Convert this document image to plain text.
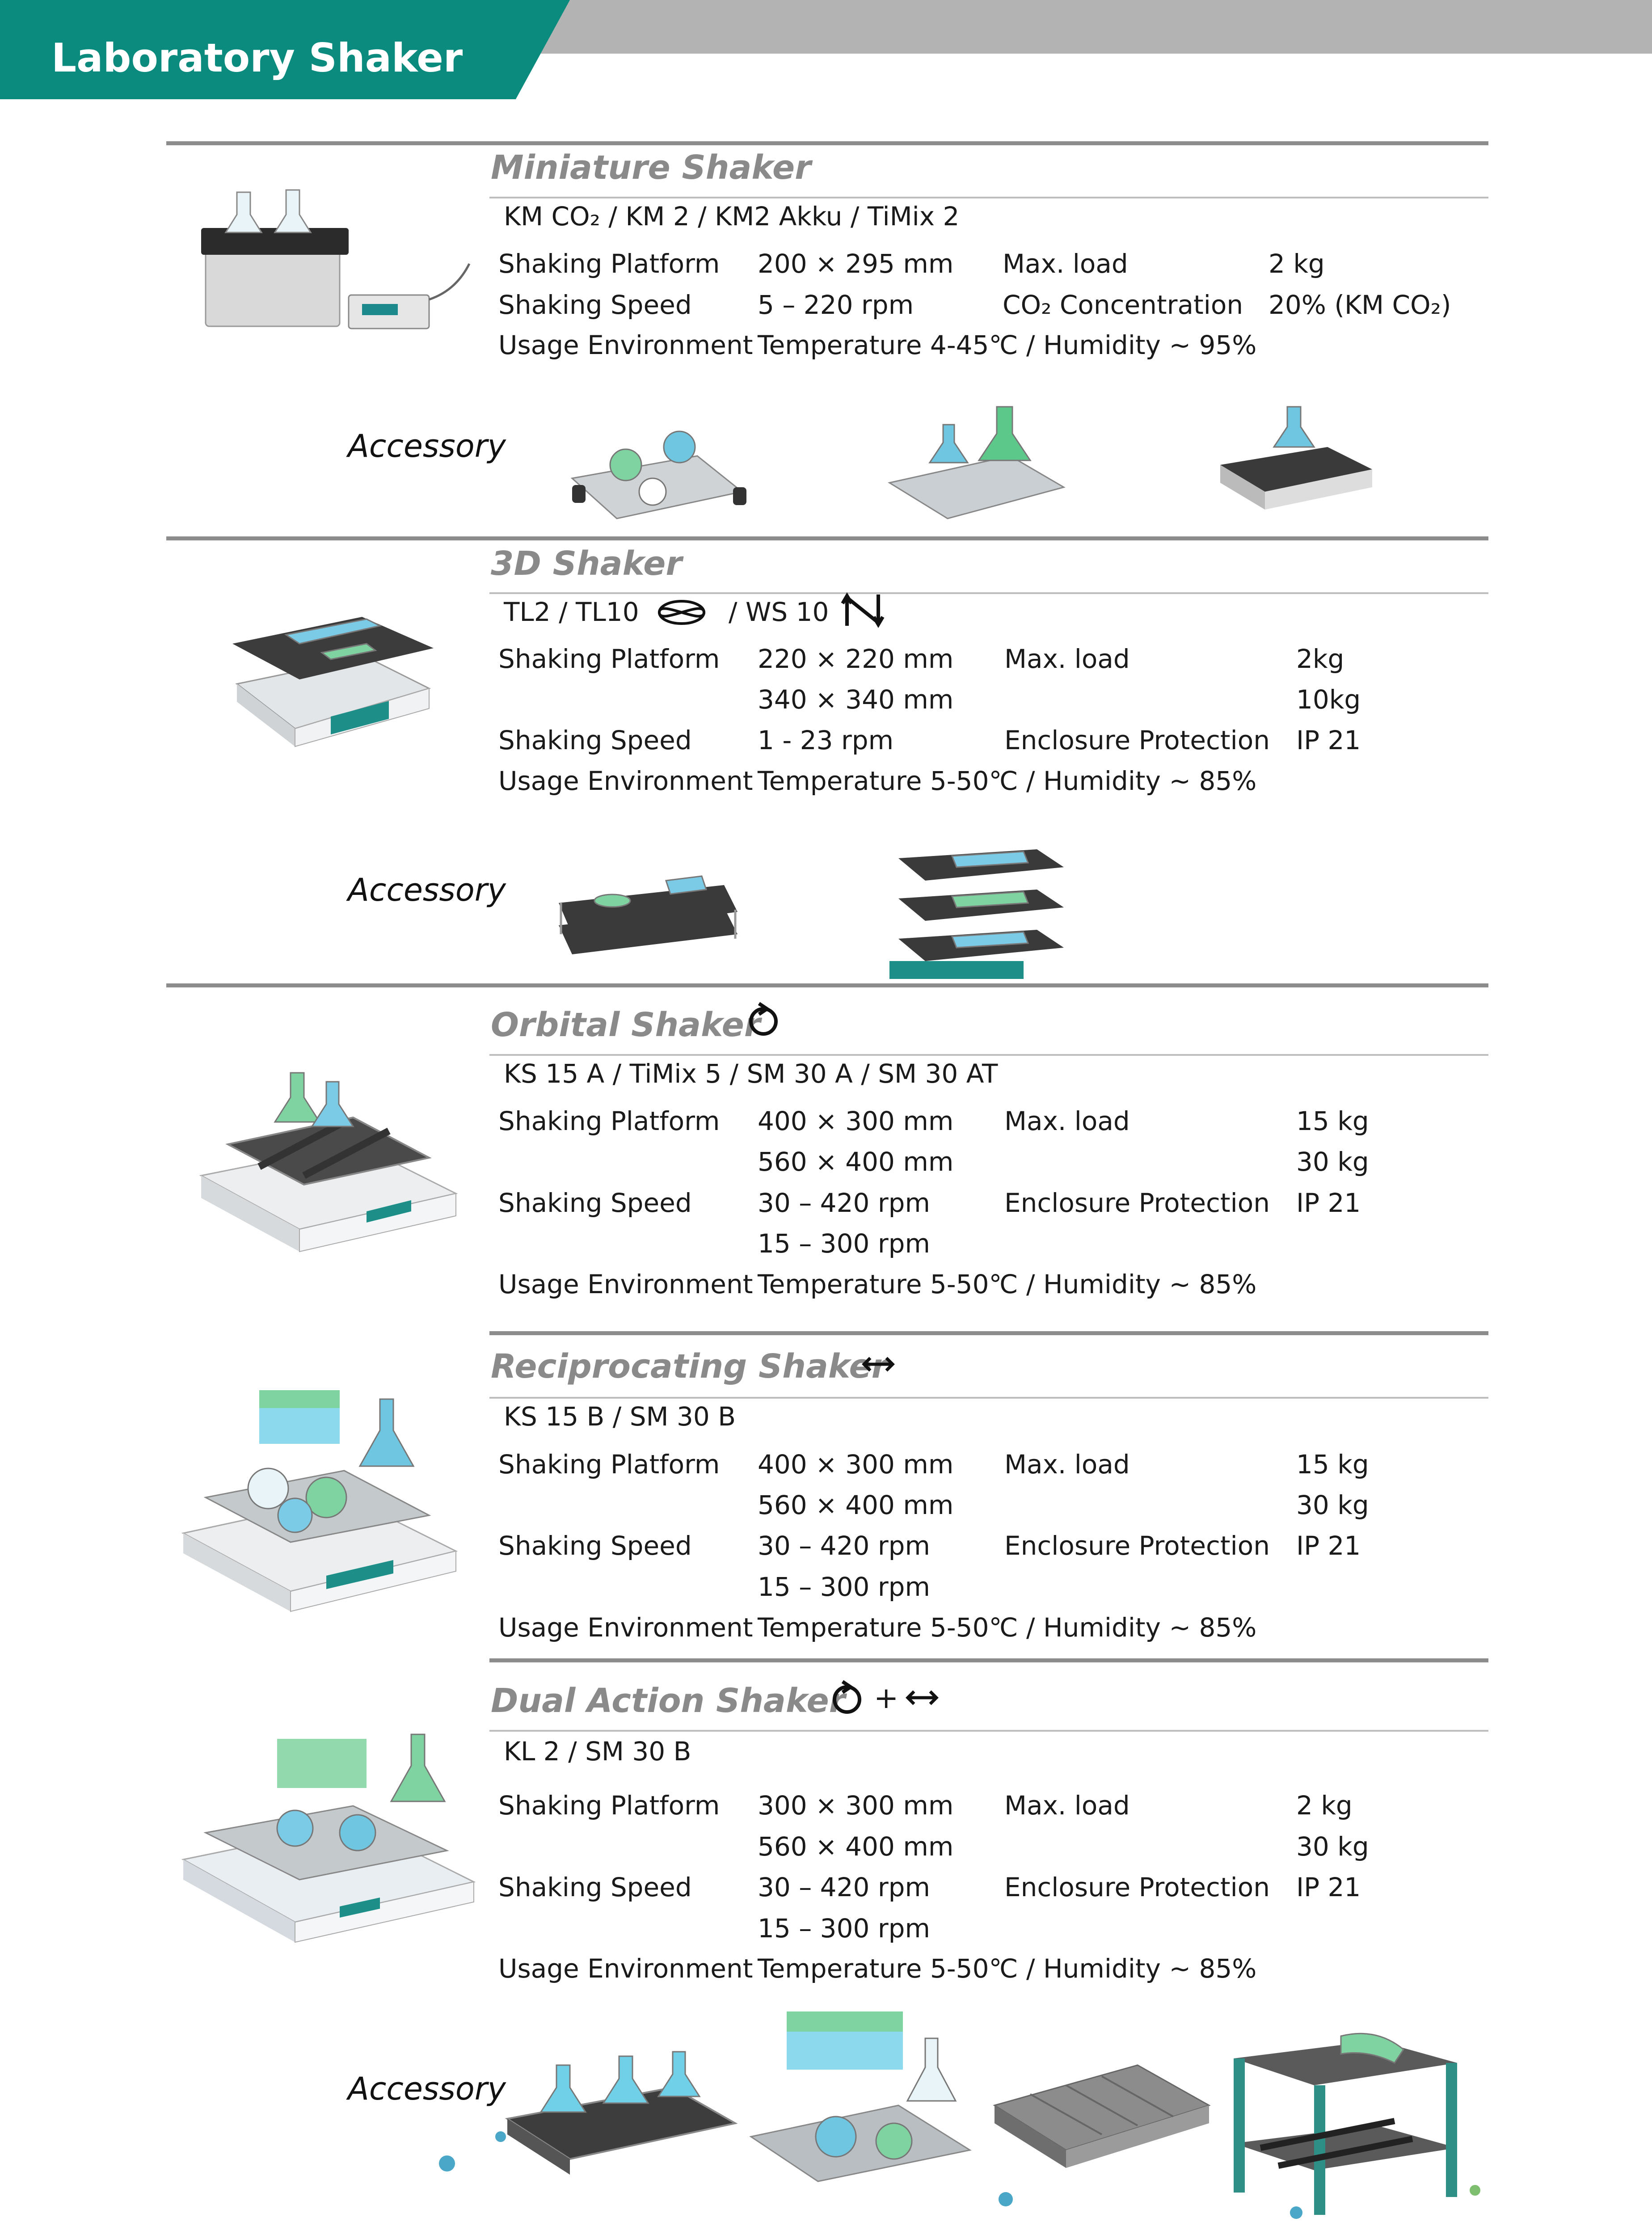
Laboratory Shaker
Miniature Shaker
KM CO₂ / KM 2 / KM2 Akku / TiMix 2
Shaking Platform 200 × 295 mm Max. load	2 kg
Shaking Speed	5 – 220 rpm	CO₂ Concentration 20% (KM CO₂)
Usage Environment Temperature 4-45℃ / Humidity ~ 95%
Accessory
3D Shaker
TL2 / TL10	/ WS 10
Shaking Platform 220 × 220 mm Max. load	2kg
340 × 340 mm	10kg
Shaking Speed	1 - 23 rpm	Enclosure Protection IP 21
Usage Environment Temperature 5-50℃ / Humidity ~ 85%
Accessory
Orbital Shaker
KS 15 A / TiMix 5 / SM 30 A / SM 30 AT
Shaking Platform 400 × 300 mm Max. load	15 kg
560 × 400 mm	30 kg
Shaking Speed	30 – 420 rpm	Enclosure Protection IP 21
15 – 300 rpm
Usage Environment Temperature 5-50℃ / Humidity ~ 85%
Reciprocating Shaker
KS 15 B / SM 30 B
Shaking Platform 400 × 300 mm Max. load	15 kg
560 × 400 mm	30 kg
Shaking Speed	30 – 420 rpm	Enclosure Protection IP 21
15 – 300 rpm
Usage Environment Temperature 5-50℃ / Humidity ~ 85%
Dual Action Shaker +
KL 2 / SM 30 B
Shaking Platform 300 × 300 mm Max. load	2 kg
560 × 400 mm	30 kg
Shaking Speed	30 – 420 rpm	Enclosure Protection IP 21
15 – 300 rpm
Usage Environment Temperature 5-50℃ / Humidity ~ 85%
Accessory
